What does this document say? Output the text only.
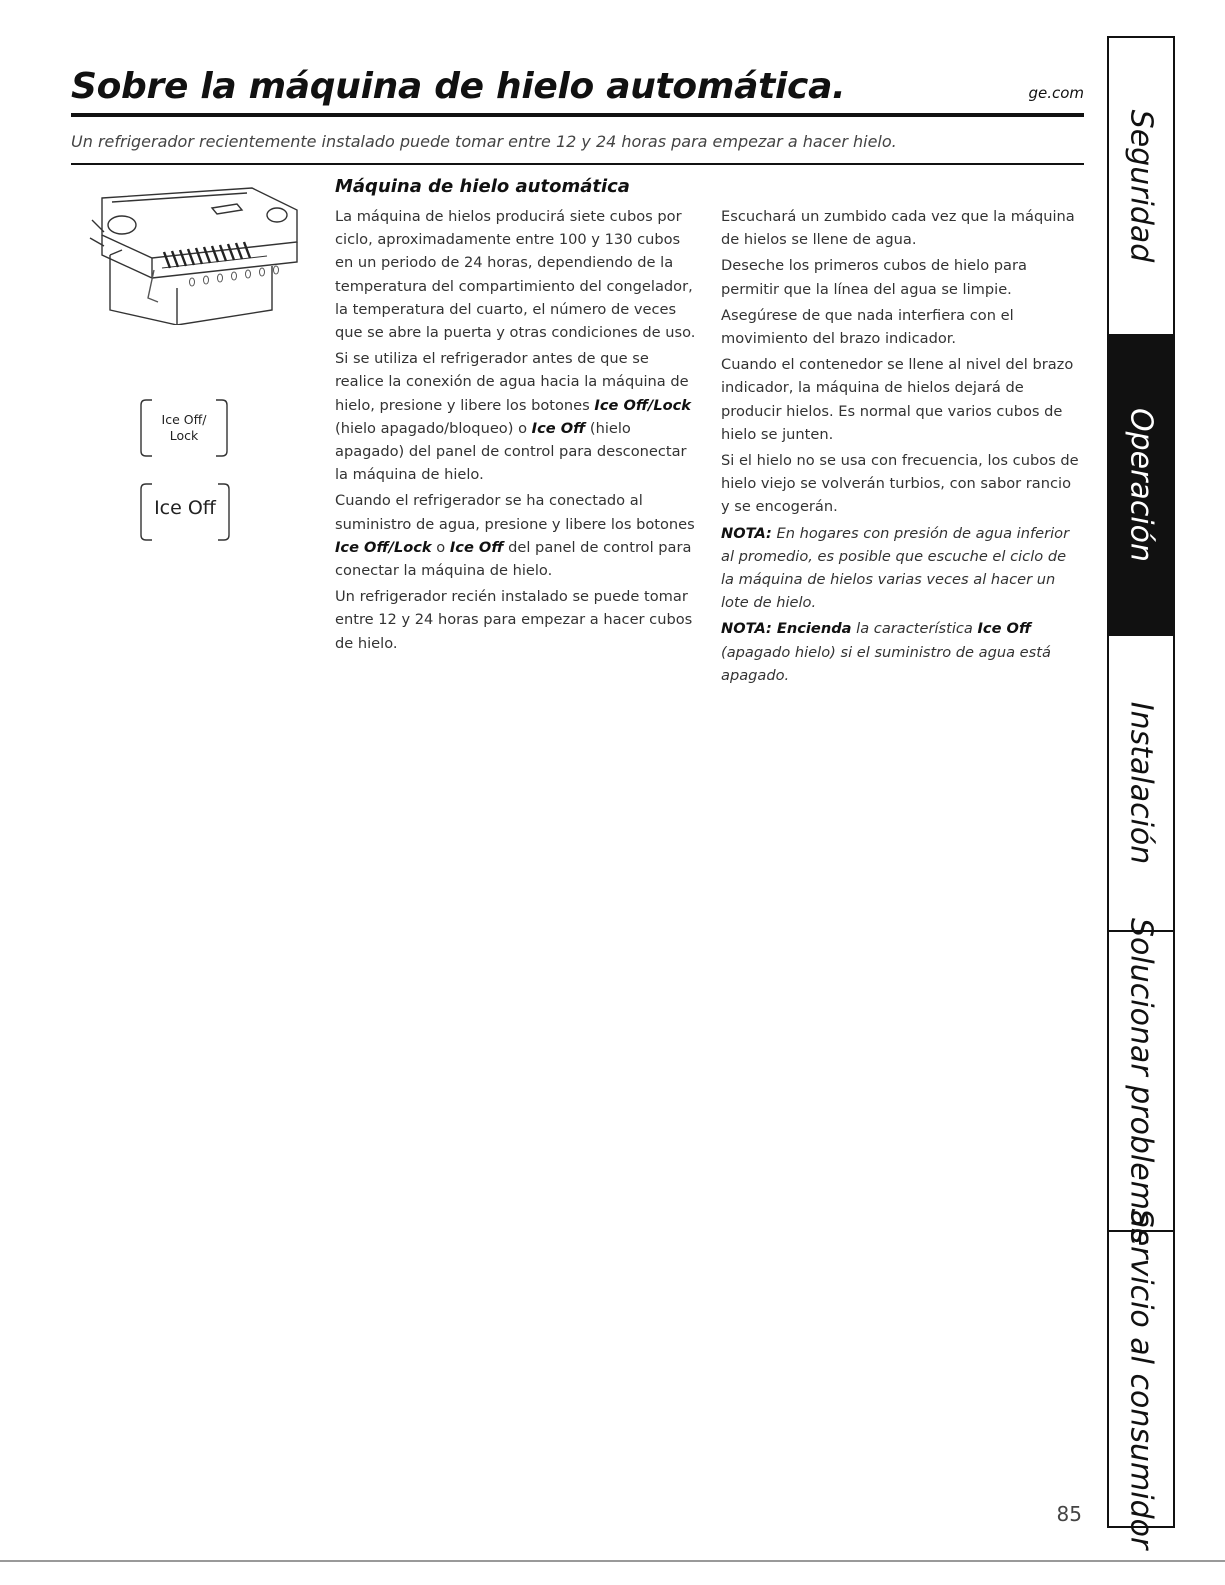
Sobre la máquina de hielo automática.	ge.com
Un refrigerador recientemente instalado puede tomar entre 12 y 24 horas para empezar a hacer hielo.
Ice Off/
Lock
Ice Off
Máquina de hielo automática

La máquina de hielos producirá siete cubos por ciclo, aproximadamente entre 100 y 130 cubos en un periodo de 24 horas, dependiendo de la temperatura del compartimiento del congelador, la temperatura del cuarto, el número de veces que se abre la puerta y otras condiciones de uso.

Si se utiliza el refrigerador antes de que se realice la conexión de agua hacia la máquina de hielo, presione y libere los botones Ice Off/Lock (hielo apagado/bloqueo) o Ice Off (hielo apagado) del panel de control para desconectar la máquina de hielo.

Cuando el refrigerador se ha conectado al suministro de agua, presione y libere los botones Ice Off/Lock o Ice Off del panel de control para conectar la máquina de hielo.

Un refrigerador recién instalado se puede tomar entre 12 y 24 horas para empezar a hacer cubos de hielo.

Escuchará un zumbido cada vez que la máquina de hielos se llene de agua.

Deseche los primeros cubos de hielo para permitir que la línea del agua se limpie.

Asegúrese de que nada interfiera con el movimiento del brazo indicador.

Cuando el contenedor se llene al nivel del brazo indicador, la máquina de hielos dejará de producir hielos. Es normal que varios cubos de hielo se junten.

Si el hielo no se usa con frecuencia, los cubos de hielo viejo se volverán turbios, con sabor rancio y se encogerán.

NOTA: En hogares con presión de agua inferior al promedio, es posible que escuche el ciclo de la máquina de hielos varias veces al hacer un lote de hielo.

NOTA: Encienda la característica Ice Off (apagado hielo) si el suministro de agua está apagado.

Seguridad
Operación
Instalación
Solucionar problemas
Servicio al consumidor
85
